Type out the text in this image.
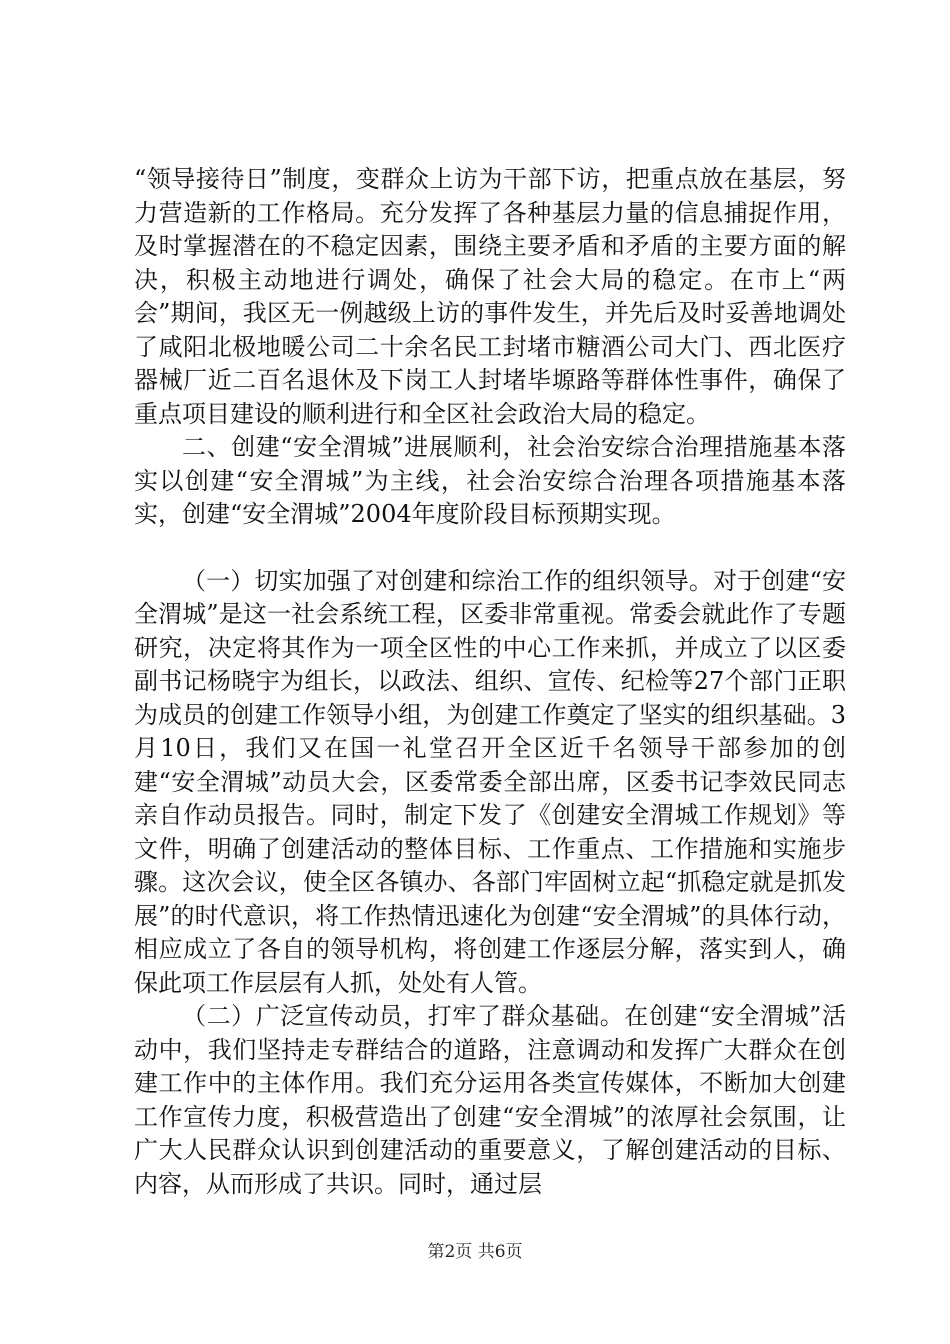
“领导接待日”制度，变群众上访为干部下访，把重点放在基层，努力营造新的工作格局。充分发挥了各种基层力量的信息捕捉作用，及时掌握潜在的不稳定因素，围绕主要矛盾和矛盾的主要方面的解决，积极主动地进行调处，确保了社会大局的稳定。在市上“两会”期间，我区无一例越级上访的事件发生，并先后及时妥善地调处了咸阳北极地暖公司二十余名民工封堵市糖酒公司大门、西北医疗器械厂近二百名退休及下岗工人封堵毕塬路等群体性事件，确保了重点项目建设的顺利进行和全区社会政治大局的稳定。

二、创建“安全渭城”进展顺利，社会治安综合治理措施基本落实以创建“安全渭城”为主线，社会治安综合治理各项措施基本落实，创建“安全渭城”2004年度阶段目标预期实现。

（一）切实加强了对创建和综治工作的组织领导。对于创建“安全渭城”是这一社会系统工程，区委非常重视。常委会就此作了专题研究，决定将其作为一项全区性的中心工作来抓，并成立了以区委副书记杨晓宇为组长，以政法、组织、宣传、纪检等27个部门正职为成员的创建工作领导小组，为创建工作奠定了坚实的组织基础。3月10日，我们又在国一礼堂召开全区近千名领导干部参加的创建“安全渭城”动员大会，区委常委全部出席，区委书记李效民同志亲自作动员报告。同时，制定下发了《创建安全渭城工作规划》等文件，明确了创建活动的整体目标、工作重点、工作措施和实施步骤。这次会议，使全区各镇办、各部门牢固树立起“抓稳定就是抓发展”的时代意识，将工作热情迅速化为创建“安全渭城”的具体行动，相应成立了各自的领导机构，将创建工作逐层分解，落实到人，确保此项工作层层有人抓，处处有人管。

（二）广泛宣传动员，打牢了群众基础。在创建“安全渭城”活动中，我们坚持走专群结合的道路，注意调动和发挥广大群众在创建工作中的主体作用。我们充分运用各类宣传媒体，不断加大创建工作宣传力度，积极营造出了创建“安全渭城”的浓厚社会氛围，让广大人民群众认识到创建活动的重要意义，了解创建活动的目标、内容，从而形成了共识。同时，通过层

第2页 共6页
